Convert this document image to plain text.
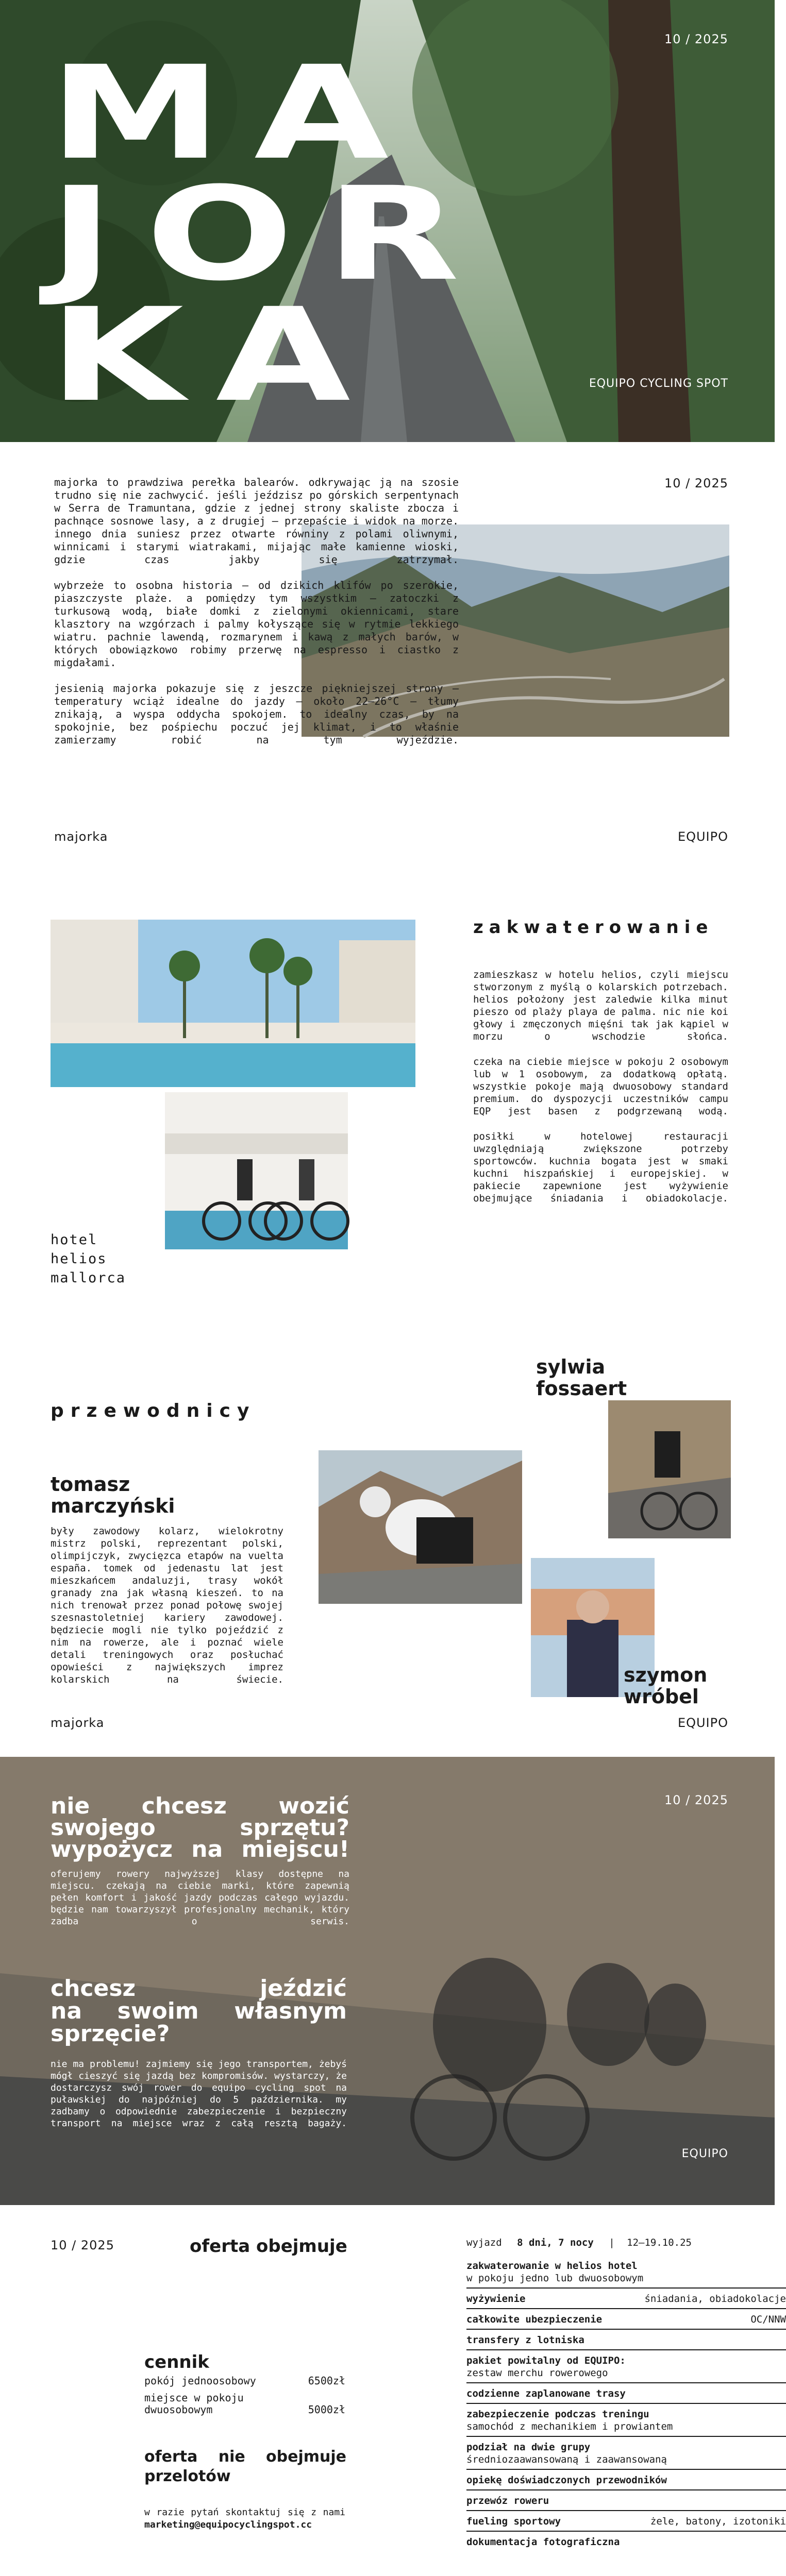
MA
JOR
KA
10 / 2025
EQUIPO CYCLING SPOT
10 / 2025

majorka to prawdziwa perełka balearów. odkrywając ją na szosie trudno się nie zachwycić. jeśli jeździsz po górskich serpentynach w Serra de Tramuntana, gdzie z jednej strony skaliste zbocza i pachnące sosnowe lasy, a z drugiej – przepaście i widok na morze. innego dnia suniesz przez otwarte równiny z polami oliwnymi, winnicami i starymi wiatrakami, mijając małe kamienne wioski, gdzie czas jakby się zatrzymał.

wybrzeże to osobna historia – od dzikich klifów po szerokie, piaszczyste plaże. a pomiędzy tym wszystkim – zatoczki z turkusową wodą, białe domki z zielonymi okiennicami, stare klasztory na wzgórzach i palmy kołyszące się w rytmie lekkiego wiatru. pachnie lawendą, rozmarynem i kawą z małych barów, w których obowiązkowo robimy przerwę na espresso i ciastko z migdałami.

jesienią majorka pokazuje się z jeszcze piękniejszej strony – temperatury wciąż idealne do jazdy – około 22–26°C – tłumy znikają, a wyspa oddycha spokojem. to idealny czas, by na spokojnie, bez pośpiechu poczuć jej klimat, i to właśnie zamierzamy robić na tym wyjeździe.

majorka	EQUIPO
hotel
helios
mallorca
zakwaterowanie

zamieszkasz w hotelu helios, czyli miejscu stworzonym z myślą o kolarskich potrzebach. helios położony jest zaledwie kilka minut pieszo od plaży playa de palma. nic nie koi głowy i zmęczonych mięśni tak jak kąpiel w morzu o wschodzie słońca.

czeka na ciebie miejsce w pokoju 2 osobowym lub w 1 osobowym, za dodatkową opłatą. wszystkie pokoje mają dwuosobowy standard premium. do dyspozycji uczestników campu EQP jest basen z podgrzewaną wodą.

posiłki w hotelowej restauracji uwzględniają zwiększone potrzeby sportowców. kuchnia bogata jest w smaki kuchni hiszpańskiej i europejskiej. w pakiecie zapewnione jest wyżywienie obejmujące śniadania i obiadokolacje.

przewodnicy
tomasz
marczyński

były zawodowy kolarz, wielokrotny mistrz polski, reprezentant polski, olimpijczyk, zwycięzca etapów na vuelta españa. tomek od jedenastu lat jest mieszkańcem andaluzji, trasy wokół granady zna jak własną kieszeń. to na nich trenował przez ponad połowę swojej szesnastoletniej kariery zawodowej. będziecie mogli nie tylko pojeździć z nim na rowerze, ale i poznać wiele detali treningowych oraz posłuchać opowieści z największych imprez kolarskich na świecie.

sylwia
fossaert
szymon
wróbel
majorka	EQUIPO
10 / 2025
nie chcesz wozić
swojego sprzętu?
wypożycz na miejscu!

oferujemy rowery najwyższej klasy dostępne na miejscu. czekają na ciebie marki, które zapewnią pełen komfort i jakość jazdy podczas całego wyjazdu. będzie nam towarzyszył profesjonalny mechanik, który zadba o serwis.

chcesz jeździć
na swoim własnym
sprzęcie?

nie ma problemu! zajmiemy się jego transportem, żebyś mógł cieszyć się jazdą bez kompromisów. wystarczy, że dostarczysz swój rower do equipo cycling spot na puławskiej do najpóźniej do 5 października. my zadbamy o odpowiednie zabezpieczenie i bezpieczny transport na miejsce wraz z całą resztą bagaży.

EQUIPO
10 / 2025	oferta obejmuje	wyjazd 8 dni, 7 nocy | 12–19.10.25
zakwaterowanie w helios hotel
w pokoju jedno lub dwuosobowym
wyżywienie	śniadania, obiadokolacje
całkowite ubezpieczenie	OC/NNW
transfery z lotniska
pakiet powitalny od EQUIPO:
zestaw merchu rowerowego
codzienne zaplanowane trasy
zabezpieczenie podczas treningu
samochód z mechanikiem i prowiantem
podział na dwie grupy
średniozaawansowaną i zaawansowaną
opiekę doświadczonych przewodników
przewóz roweru
fueling sportowy	żele, batony, izotoniki
dokumentacja fotograficzna
cennik
pokój jednoosobowy	6500zł
miejsce w pokoju dwuosobowym	5000zł
oferta nie obejmuje
przelotów
w razie pytań skontaktuj się z nami
marketing@equipocyclingspot.cc
